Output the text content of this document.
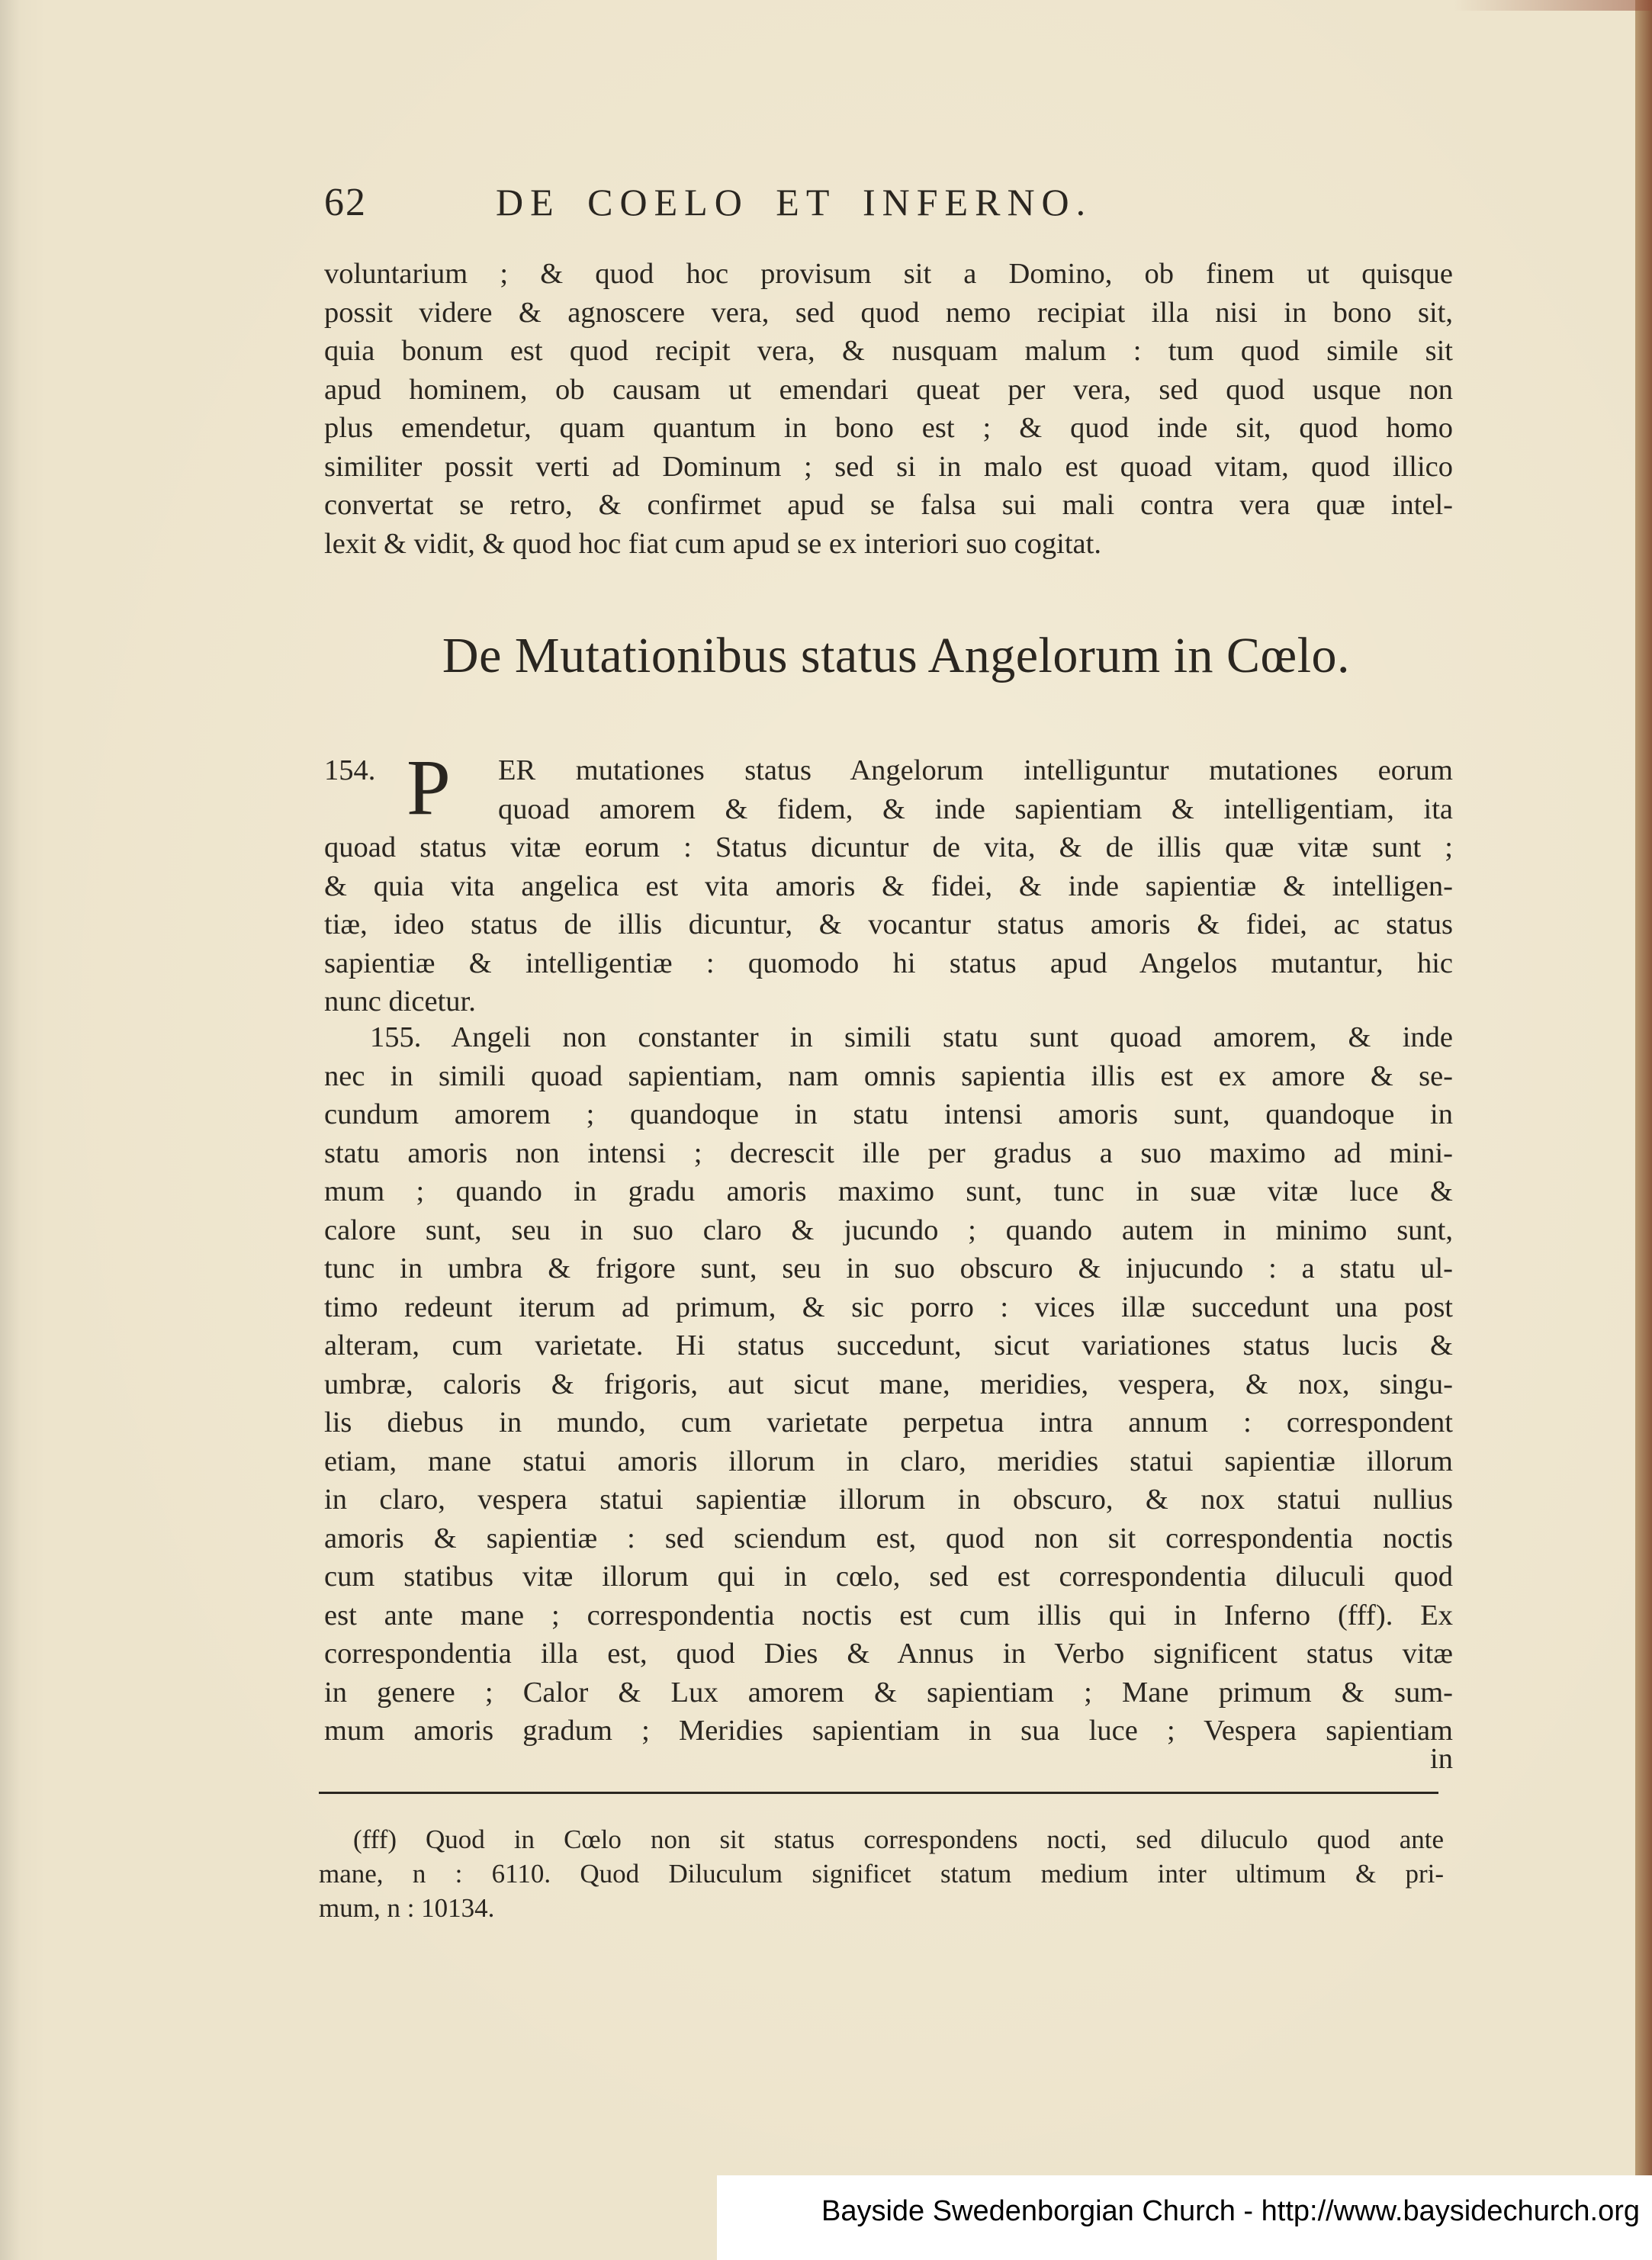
62	DE COELO ET INFERNO.
voluntarium ; & quod hoc provisum sit a Domino, ob finem ut quisque
possit videre & agnoscere vera, sed quod nemo recipiat illa nisi in bono sit,
quia bonum est quod recipit vera, & nusquam malum : tum quod simile sit
apud hominem, ob causam ut emendari queat per vera, sed quod usque non
plus emendetur, quam quantum in bono est ; & quod inde sit, quod homo
similiter possit verti ad Dominum ; sed si in malo est quoad vitam, quod illico
convertat se retro, & confirmet apud se falsa sui mali contra vera quæ intel-
lexit & vidit, & quod hoc fiat cum apud se ex interiori suo cogitat.
De Mutationibus status Angelorum in Cœlo.
154. P	ER mutationes status Angelorum intelliguntur mutationes eorum
quoad amorem & fidem, & inde sapientiam & intelligentiam, ita
quoad status vitæ eorum : Status dicuntur de vita, & de illis quæ vitæ sunt ;
& quia vita angelica est vita amoris & fidei, & inde sapientiæ & intelligen-
tiæ, ideo status de illis dicuntur, & vocantur status amoris & fidei, ac status
sapientiæ & intelligentiæ : quomodo hi status apud Angelos mutantur, hic
nunc dicetur.
155. Angeli non constanter in simili statu sunt quoad amorem, & inde
nec in simili quoad sapientiam, nam omnis sapientia illis est ex amore & se-
cundum amorem ; quandoque in statu intensi amoris sunt, quandoque in
statu amoris non intensi ; decrescit ille per gradus a suo maximo ad mini-
mum ; quando in gradu amoris maximo sunt, tunc in suæ vitæ luce &
calore sunt, seu in suo claro & jucundo ; quando autem in minimo sunt,
tunc in umbra & frigore sunt, seu in suo obscuro & injucundo : a statu ul-
timo redeunt iterum ad primum, & sic porro : vices illæ succedunt una post
alteram, cum varietate. Hi status succedunt, sicut variationes status lucis &
umbræ, caloris & frigoris, aut sicut mane, meridies, vespera, & nox, singu-
lis diebus in mundo, cum varietate perpetua intra annum : correspondent
etiam, mane statui amoris illorum in claro, meridies statui sapientiæ illorum
in claro, vespera statui sapientiæ illorum in obscuro, & nox statui nullius
amoris & sapientiæ : sed sciendum est, quod non sit correspondentia noctis
cum statibus vitæ illorum qui in cœlo, sed est correspondentia diluculi quod
est ante mane ; correspondentia noctis est cum illis qui in Inferno (fff). Ex
correspondentia illa est, quod Dies & Annus in Verbo significent status vitæ
in genere ; Calor & Lux amorem & sapientiam ; Mane primum & sum-
mum amoris gradum ; Meridies sapientiam in sua luce ; Vespera sapientiam
in
(fff) Quod in Cœlo non sit status correspondens nocti, sed diluculo quod ante
mane, n : 6110. Quod Diluculum significet statum medium inter ultimum & pri-
mum, n : 10134.
Bayside Swedenborgian Church - http://www.baysidechurch.org
